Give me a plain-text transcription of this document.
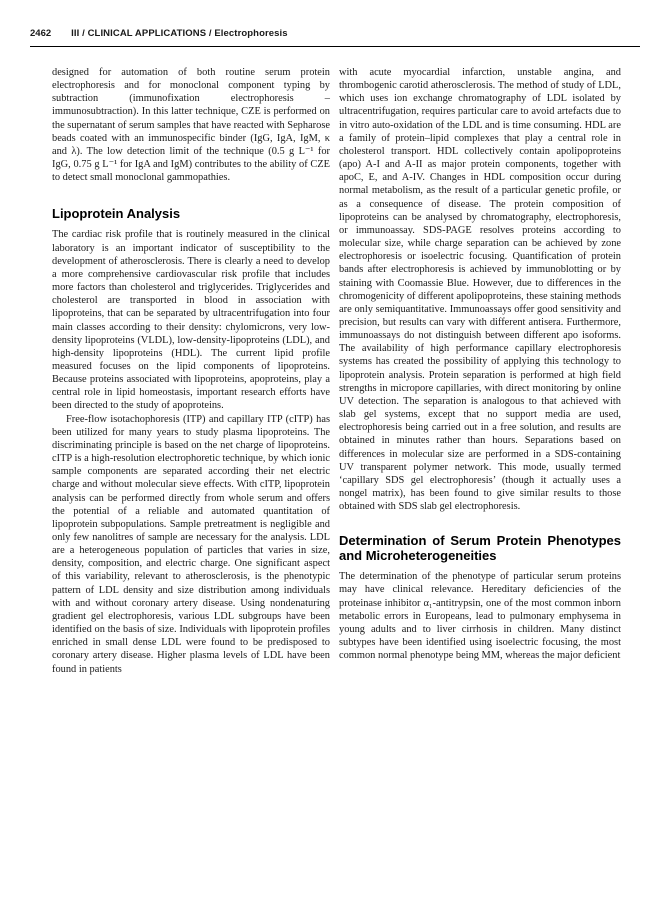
2462 III / CLINICAL APPLICATIONS / Electrophoresis

designed for automation of both routine serum protein electrophoresis and for monoclonal component typing by subtraction (immunofixation electrophoresis – immunosubtraction). In this latter technique, CZE is performed on the supernatant of serum samples that have reacted with Sepharose beads coated with an immunospecific binder (IgG, IgA, IgM, κ and λ). The low detection limit of the technique (0.5 g L⁻¹ for IgG, 0.75 g L⁻¹ for IgA and IgM) contributes to the ability of CZE to detect small monoclonal gammopathies.

Lipoprotein Analysis

The cardiac risk profile that is routinely measured in the clinical laboratory is an important indicator of susceptibility to the development of atherosclerosis. There is clearly a need to develop a more comprehensive cardiovascular risk profile that includes more factors than cholesterol and triglycerides. Triglycerides and cholesterol are transported in blood in association with lipoproteins, that can be separated by ultracentrifugation into four main classes according to their density: chylomicrons, very low-density lipoproteins (VLDL), low-density-lipoproteins (LDL), and high-density lipoproteins (HDL). The current lipid profile measured focuses on the lipid components of lipoproteins. Because proteins associated with lipoproteins, apoproteins, play a central role in lipid homeostasis, important research efforts have been directed to the study of apoproteins.

Free-flow isotachophoresis (ITP) and capillary ITP (cITP) has been utilized for many years to study plasma lipoproteins. The discriminating principle is based on the net charge of lipoproteins. cITP is a high-resolution electrophoretic technique, by which ionic sample components are separated according their net electric charge and without molecular sieve effects. With cITP, lipoprotein analysis can be performed directly from whole serum and offers the potential of a reliable and automated quantitation of lipoprotein subpopulations. Sample pretreatment is negligible and only few nanolitres of sample are necessary for the analysis. LDL are a heterogeneous population of particles that varies in size, density, composition, and electric charge. One significant aspect of this variability, relevant to atherosclerosis, is the phenotypic pattern of LDL density and size distribution among individuals with and without coronary artery disease. Using nondenaturing gradient gel electrophoresis, various LDL subgroups have been identified on the basis of size. Individuals with lipoprotein profiles enriched in small dense LDL were found to be predisposed to coronary artery disease. Higher plasma levels of LDL have been found in patients

with acute myocardial infarction, unstable angina, and thrombogenic carotid atherosclerosis. The method of study of LDL, which uses ion exchange chromatography of LDL isolated by ultracentrifugation, requires particular care to avoid artefacts due to in vitro auto-oxidation of the LDL and is time consuming. HDL are a family of protein–lipid complexes that play a central role in cholesterol transport. HDL collectively contain apolipoproteins (apo) A-I and A-II as major protein components, together with apoC, E, and A-IV. Changes in HDL composition occur during normal metabolism, as the result of a particular genetic profile, or as a consequence of disease. The protein composition of lipoproteins can be analysed by chromatography, electrophoresis, or immunoassay. SDS-PAGE resolves proteins according to molecular size, while charge separation can be achieved by zone electrophoresis or isoelectric focusing. Quantification of protein bands after electrophoresis is achieved by immunoblotting or by staining with Coomassie Blue. However, due to differences in the chromogenicity of different apolipoproteins, these staining methods are only semiquantitative. Immunoassays offer good sensitivity and precision, but results can vary with different antisera. Furthermore, immunoassays do not distinguish between different apo isoforms. The availability of high performance capillary electrophoresis systems has created the possibility of applying this technology to lipoprotein analysis. Protein separation is performed at high field strengths in micropore capillaries, with direct monitoring by online UV detection. The separation is analogous to that achieved with slab gel systems, except that no support media are used, electrophoresis being carried out in a free solution, and results are obtained in minutes rather than hours. Separations based on differences in molecular size are performed in a SDS-containing UV transparent polymer network. This mode, usually termed ‘capillary SDS gel electrophoresis’ (though it actually uses a nongel matrix), has been found to give similar results to those obtained with SDS slab gel electrophoresis.

Determination of Serum Protein Phenotypes and Microheterogeneities

The determination of the phenotype of particular serum proteins may have clinical relevance. Hereditary deficiencies of the proteinase inhibitor α₁-antitrypsin, one of the most common inborn metabolic errors in Europeans, lead to pulmonary emphysema in young adults and to liver cirrhosis in children. Many distinct subtypes have been identified using isoelectric focusing, the most common normal phenotype being MM, whereas the major deficient
